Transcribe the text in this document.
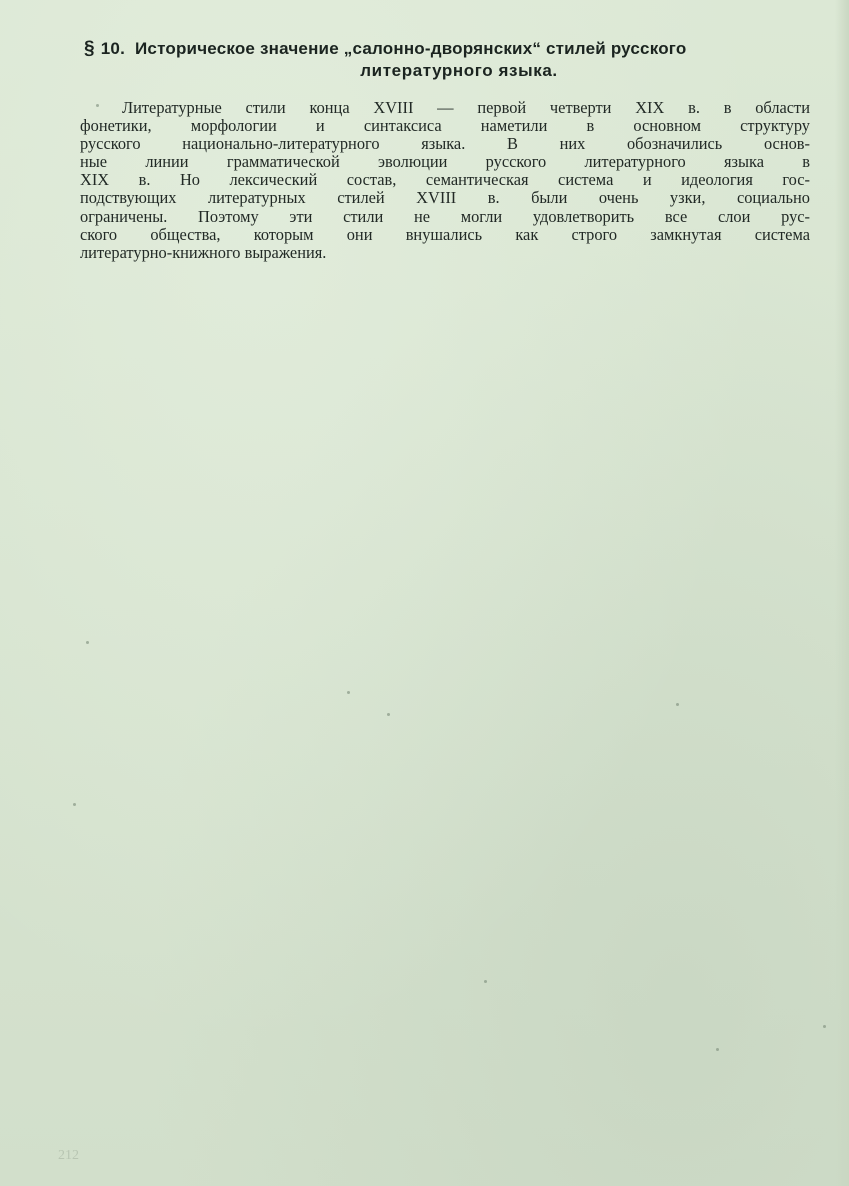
§ 10. Историческое значение „салонно-дворянских“ стилей русского
литературного языка.
Литературные стили конца XVIII — первой четверти XIX в. в области
фонетики, морфологии и синтаксиса наметили в основном структуру
русского национально-литературного языка. В них обозначились основ-
ные линии грамматической эволюции русского литературного языка в
XIX в. Но лексический состав, семантическая система и идеология гос-
подствующих литературных стилей XVIII в. были очень узки, социально
ограничены. Поэтому эти стили не могли удовлетворить все слои рус-
ского общества, которым они внушались как строго замкнутая система
литературно-книжного выражения.
212
